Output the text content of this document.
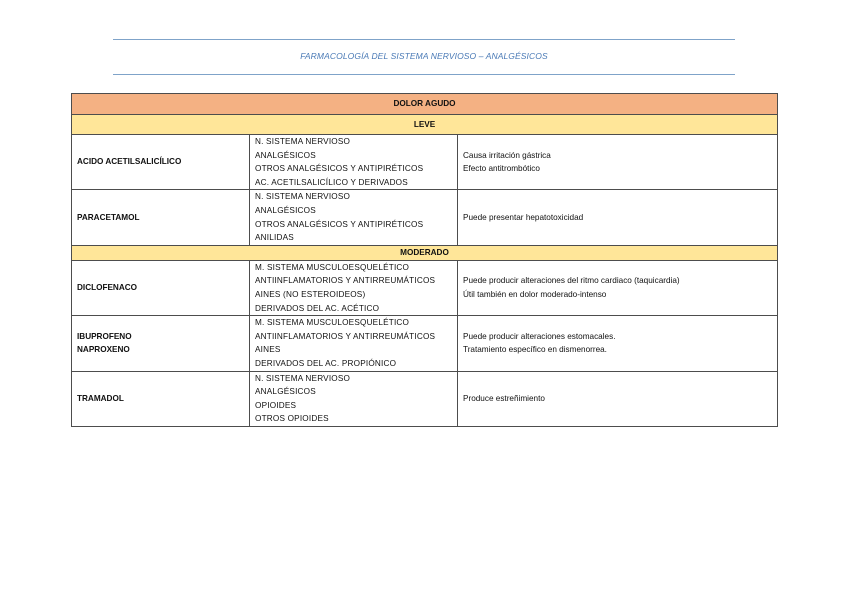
FARMACOLOGÍA DEL SISTEMA NERVIOSO – ANALGÉSICOS
DOLOR AGUDO		
LEVE		

ACIDO ACETILSALICÍLICO	N. SISTEMA NERVIOSO
ANALGÉSICOS
OTROS ANALGÉSICOS Y ANTIPIRÉTICOS
AC. ACETILSALICÍLICO Y DERIVADOS	Causa irritación gástrica
Efecto antitrombótico

PARACETAMOL	N. SISTEMA NERVIOSO
ANALGÉSICOS
OTROS ANALGÉSICOS Y ANTIPIRÉTICOS
ANILIDAS	Puede presentar hepatotoxicidad

MODERADO		

DICLOFENACO	M. SISTEMA MUSCULOESQUELÉTICO
ANTIINFLAMATORIOS Y ANTIRREUMÁTICOS
AINES (NO ESTEROIDEOS)
DERIVADOS DEL AC. ACÉTICO	Puede producir alteraciones del ritmo cardiaco (taquicardia)
Útil también en dolor moderado-intenso

IBUPROFENO
NAPROXENO	M. SISTEMA MUSCULOESQUELÉTICO
ANTIINFLAMATORIOS Y ANTIRREUMÁTICOS
AINES
DERIVADOS DEL AC. PROPIÓNICO	Puede producir alteraciones estomacales.
Tratamiento específico en dismenorrea.

TRAMADOL	N. SISTEMA NERVIOSO
ANALGÉSICOS
OPIOIDES
OTROS OPIOIDES	Produce estreñimiento
